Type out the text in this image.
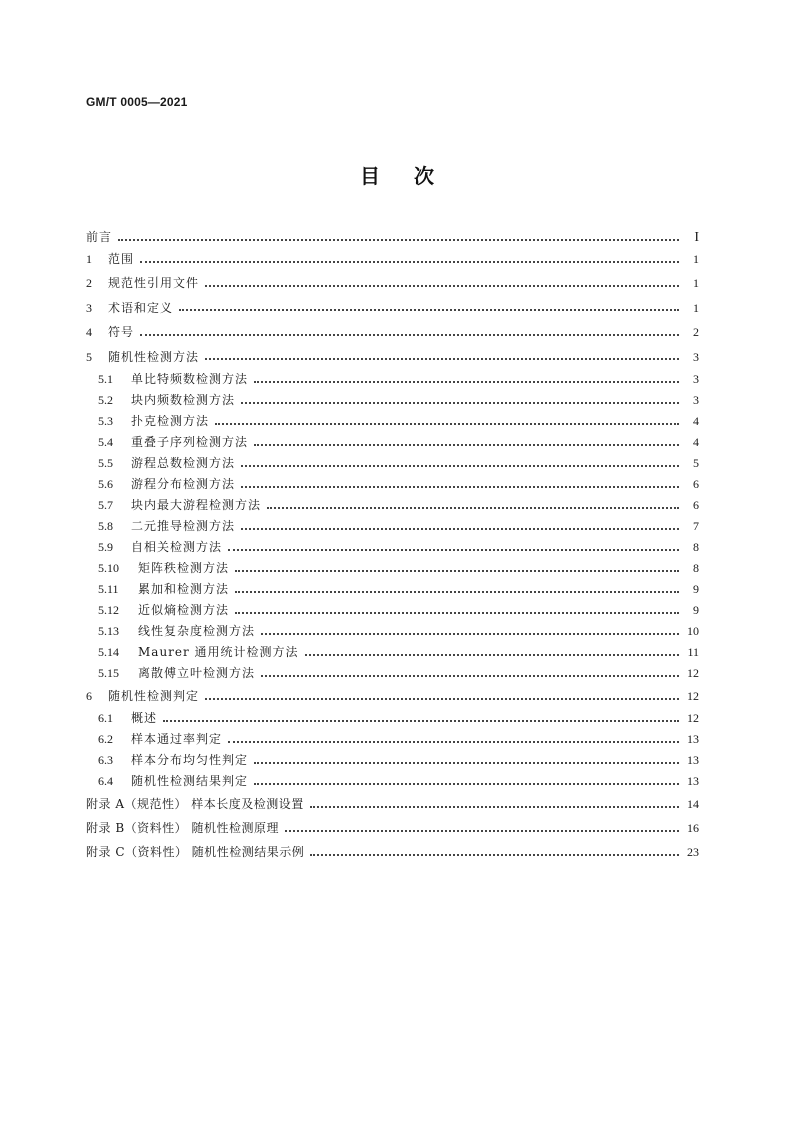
GM/T 0005—2021
目次
前言	I
1	范围	1
2	规范性引用文件	1
3	术语和定义	1
4	符号	2
5	随机性检测方法	3
5.1	单比特频数检测方法	3
5.2	块内频数检测方法	3
5.3	扑克检测方法	4
5.4	重叠子序列检测方法	4
5.5	游程总数检测方法	5
5.6	游程分布检测方法	6
5.7	块内最大游程检测方法	6
5.8	二元推导检测方法	7
5.9	自相关检测方法	8
5.10	矩阵秩检测方法	8
5.11	累加和检测方法	9
5.12	近似熵检测方法	9
5.13	线性复杂度检测方法	10
5.14	Maurer 通用统计检测方法	11
5.15	离散傅立叶检测方法	12
6	随机性检测判定	12
6.1	概述	12
6.2	样本通过率判定	13
6.3	样本分布均匀性判定	13
6.4	随机性检测结果判定	13
附录 A（规范性） 样本长度及检测设置	14
附录 B（资料性） 随机性检测原理	16
附录 C（资料性） 随机性检测结果示例	23
